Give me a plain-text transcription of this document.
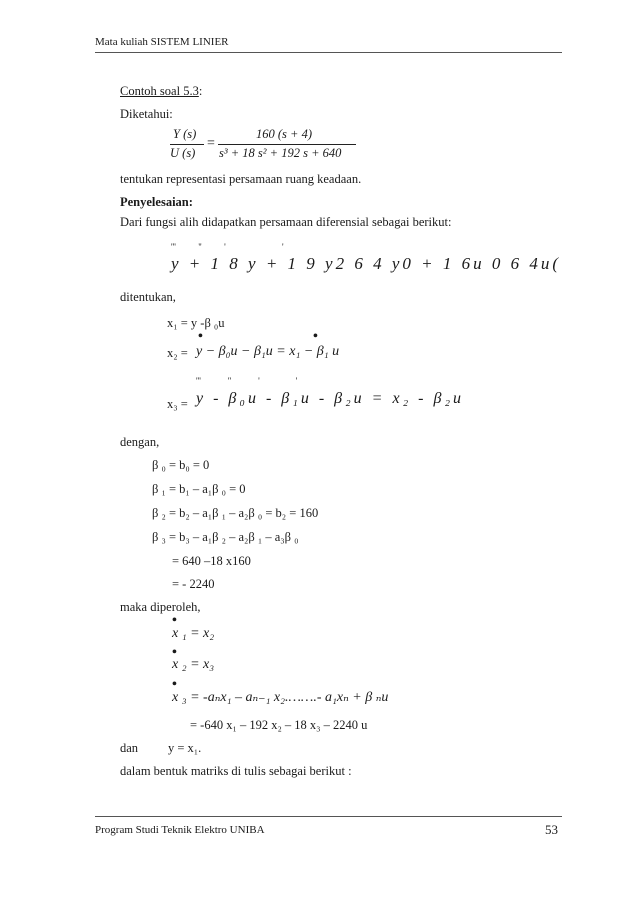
Mata kuliah SISTEM LINIER
Contoh soal 5.3:
Diketahui:
Y (s)
U (s)
=
160 (s + 4)
s³ + 18 s² + 192 s + 640
tentukan representasi persamaan ruang keadaan.
Penyelesaian:
Dari fungsi alih didapatkan persamaan diferensial sebagai berikut:
'''          ''          '                         '
y + 1 8 y + 1 9 y2 6 4 y0 + 1 6u 0 6 4u(
ditentukan,
x₁ = y -β ₀u
x₂ =
•	•
y − β₀u − β₁u = x₁ − β₁ u
'''            ''            '                '
x₃ = y - β₀u - β₁u - β₂u = x₂ - β₂u
dengan,
β ₀ = b₀ = 0
β ₁ = b₁ – a₁β ₀ = 0
β ₂ = b₂ – a₁β ₁ – a₂β ₀ = b₂ = 160
β ₃ = b₃ – a₁β ₂ – a₂β ₁ – a₃β ₀
= 640 –18 x160
= - 2240
maka diperoleh,
•
x ₁ = x₂
•
x ₂ = x₃
•
x ₃ = -aₙx₁ – aₙ₋₁ x₂.…….- a₁xₙ + β ₙu
= -640 x₁ – 192 x₂ – 18 x₃ – 2240 u
dan y = x₁.
dalam bentuk matriks di tulis sebagai berikut :
Program Studi Teknik Elektro UNIBA	53
